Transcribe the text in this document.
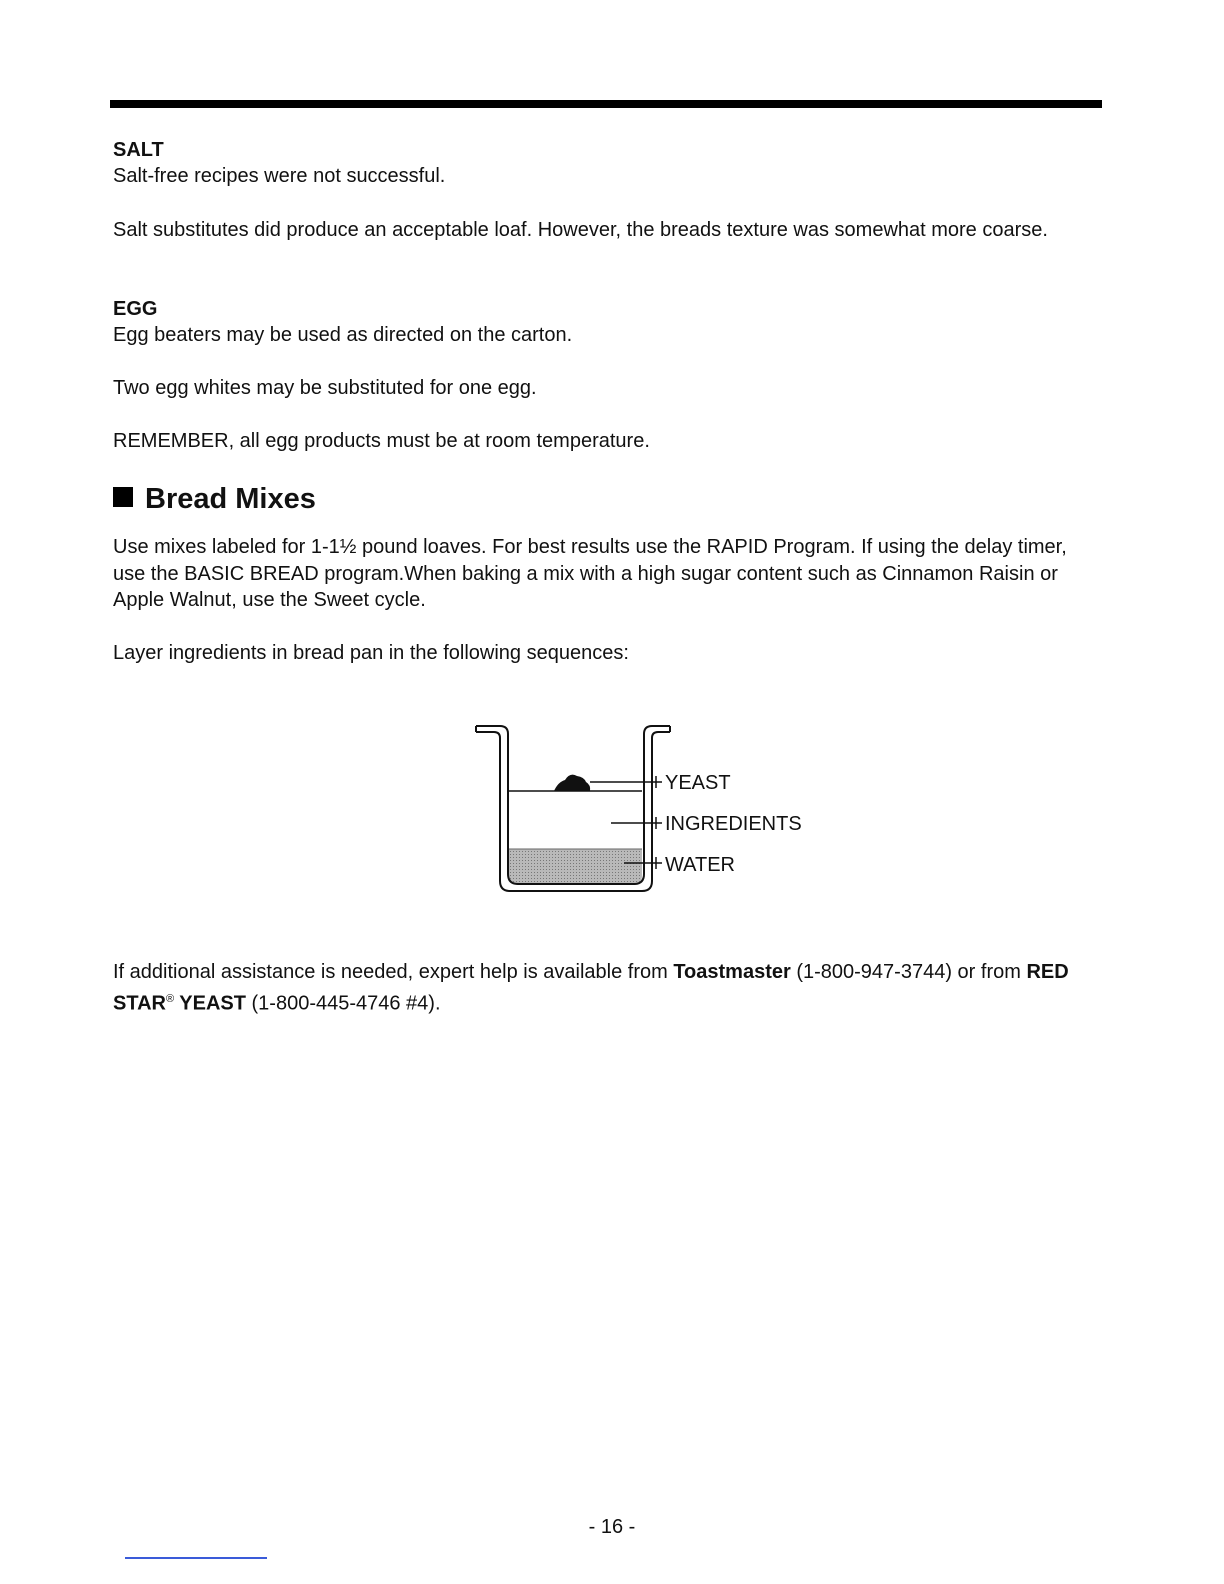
SALT
Salt-free recipes were not successful.
Salt substitutes did produce an acceptable loaf. However, the breads texture was somewhat more coarse.
EGG
Egg beaters may be used as directed on the carton.
Two egg whites may be substituted for one egg.
REMEMBER, all egg products must be at room temperature.
Bread Mixes
Use mixes labeled for 1-1½ pound loaves. For best results use the RAPID Program. If using the delay timer, use the BASIC BREAD program.When baking a mix with a high sugar content such as Cinnamon Raisin or Apple Walnut, use the Sweet cycle.
Layer ingredients in bread pan in the following sequences:
YEAST
INGREDIENTS
WATER
If additional assistance is needed, expert help is available from Toastmaster (1-800-947-3744) or from RED STAR® YEAST (1-800-445-4746 #4).
- 16 -
